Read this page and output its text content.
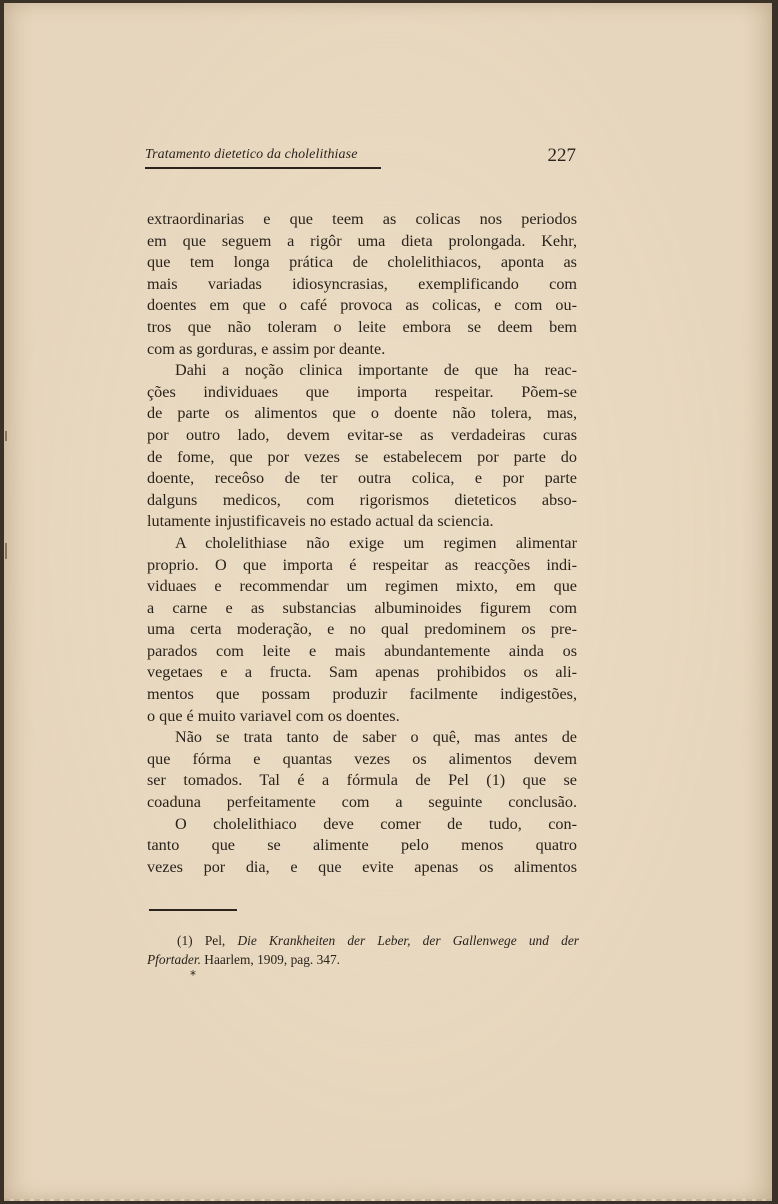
Tratamento dietetico da cholelithiase	227
extraordinarias e que teem as colicas nos periodos
em que seguem a rigôr uma dieta prolongada. Kehr,
que tem longa prática de cholelithiacos, aponta as
mais variadas idiosyncrasias, exemplificando com
doentes em que o café provoca as colicas, e com ou-
tros que não toleram o leite embora se deem bem
com as gorduras, e assim por deante.
Dahi a noção clinica importante de que ha reac-
ções individuaes que importa respeitar. Põem-se
de parte os alimentos que o doente não tolera, mas,
por outro lado, devem evitar-se as verdadeiras curas
de fome, que por vezes se estabelecem por parte do
doente, receôso de ter outra colica, e por parte
dalguns medicos, com rigorismos dieteticos abso-
lutamente injustificaveis no estado actual da sciencia.
A cholelithiase não exige um regimen alimentar
proprio. O que importa é respeitar as reacções indi-
viduaes e recommendar um regimen mixto, em que
a carne e as substancias albuminoides figurem com
uma certa moderação, e no qual predominem os pre-
parados com leite e mais abundantemente ainda os
vegetaes e a fructa. Sam apenas prohibidos os ali-
mentos que possam produzir facilmente indigestões,
o que é muito variavel com os doentes.
Não se trata tanto de saber o quê, mas antes de
que fórma e quantas vezes os alimentos devem
ser tomados. Tal é a fórmula de Pel (1) que se
coaduna perfeitamente com a seguinte conclusão.
O cholelithiaco deve comer de tudo, con-
tanto que se alimente pelo menos quatro
vezes por dia, e que evite apenas os alimentos
(1) Pel, Die Krankheiten der Leber, der Gallenwege und der
Pfortader. Haarlem, 1909, pag. 347.
*
